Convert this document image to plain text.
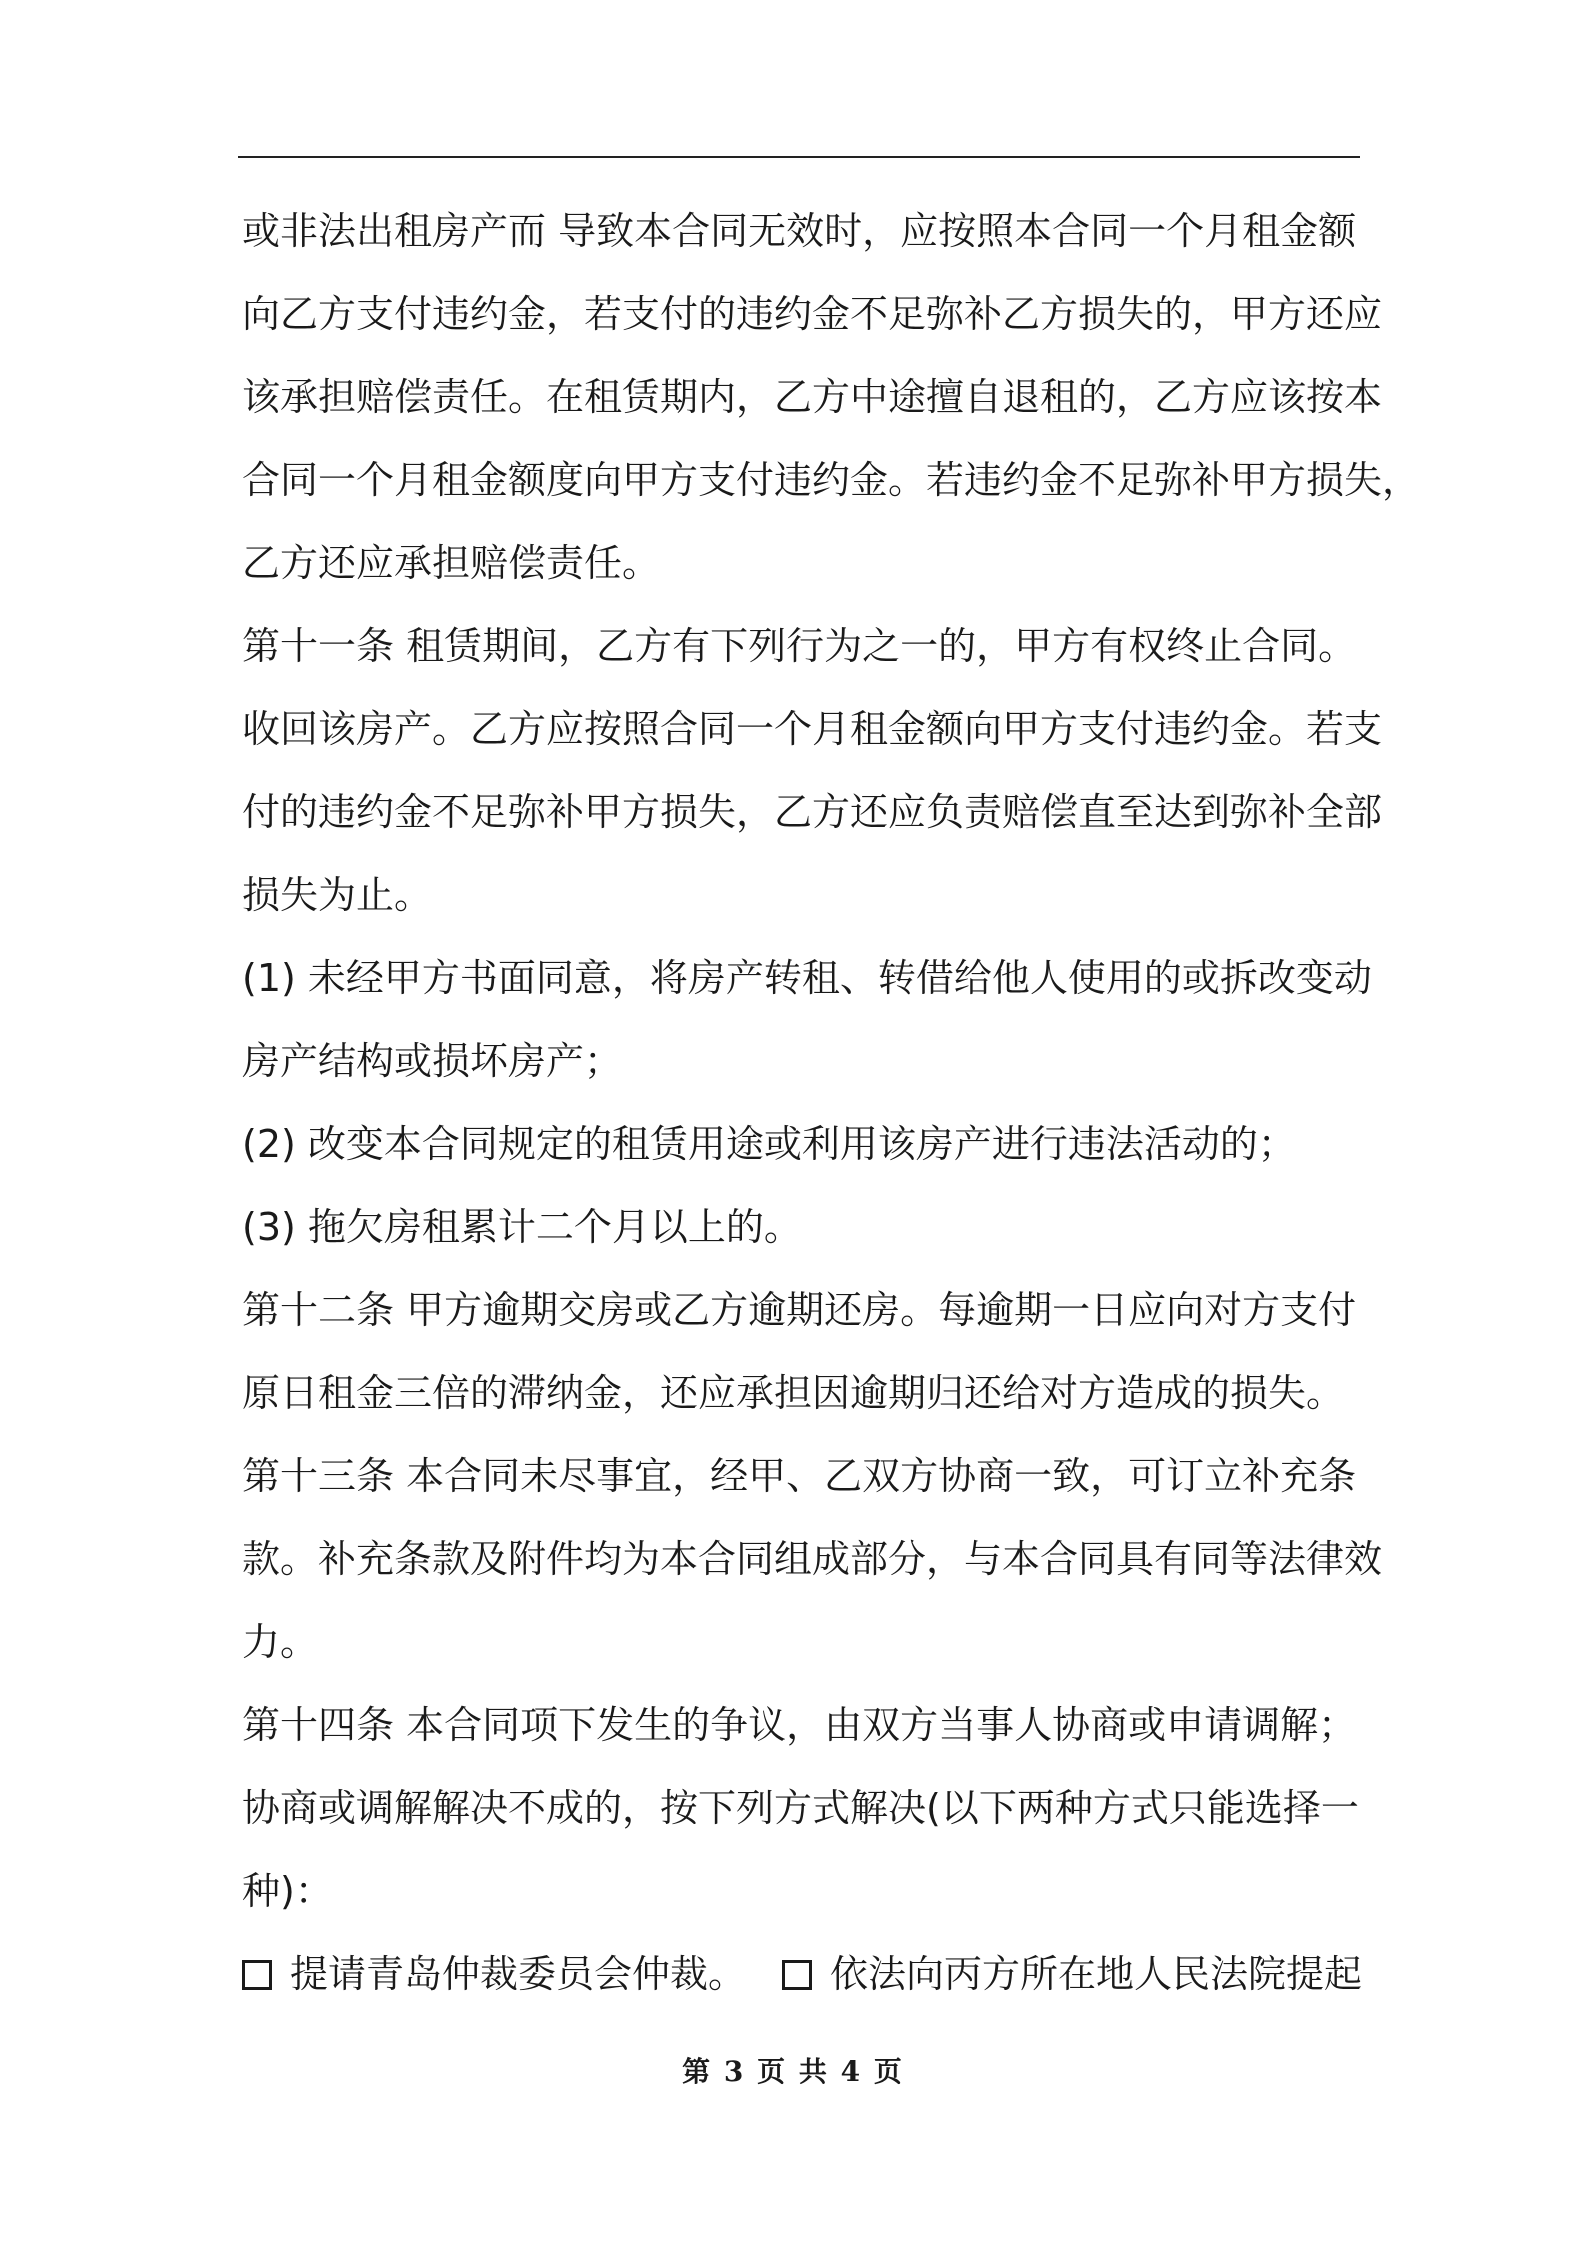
或非法出租房产而 导致本合同无效时，应按照本合同一个月租金额
向乙方支付违约金，若支付的违约金不足弥补乙方损失的，甲方还应
该承担赔偿责任。在租赁期内，乙方中途擅自退租的，乙方应该按本
合同一个月租金额度向甲方支付违约金。若违约金不足弥补甲方损失，
乙方还应承担赔偿责任。
第十一条 租赁期间，乙方有下列行为之一的，甲方有权终止合同。
收回该房产。乙方应按照合同一个月租金额向甲方支付违约金。若支
付的违约金不足弥补甲方损失，乙方还应负责赔偿直至达到弥补全部
损失为止。
(1) 未经甲方书面同意，将房产转租、转借给他人使用的或拆改变动
房产结构或损坏房产；
(2) 改变本合同规定的租赁用途或利用该房产进行违法活动的；
(3) 拖欠房租累计二个月以上的。
第十二条 甲方逾期交房或乙方逾期还房。每逾期一日应向对方支付
原日租金三倍的滞纳金，还应承担因逾期归还给对方造成的损失。
第十三条 本合同未尽事宜，经甲、乙双方协商一致，可订立补充条
款。补充条款及附件均为本合同组成部分，与本合同具有同等法律效
力。
第十四条 本合同项下发生的争议，由双方当事人协商或申请调解；
协商或调解解决不成的，按下列方式解决(以下两种方式只能选择一
种)：
提请青岛仲裁委员会仲裁。 依法向丙方所在地人民法院提起
第 3 页 共 4 页
